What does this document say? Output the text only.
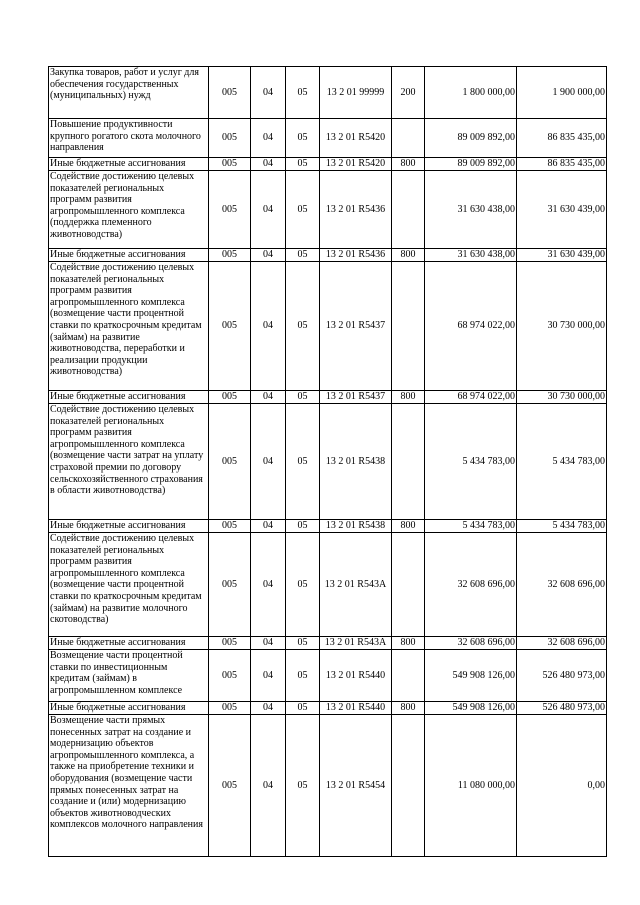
Закупка товаров, работ и услуг для обеспечения государственных (муниципальных) нужд	005	04	05	13 2 01 99999	200	1 800 000,00	1 900 000,00
Повышение продуктивности крупного рогатого скота молочного направления	005	04	05	13 2 01 R5420		89 009 892,00	86 835 435,00
Иные бюджетные ассигнования	005	04	05	13 2 01 R5420	800	89 009 892,00	86 835 435,00
Содействие достижению целевых показателей региональных программ развития агропромышленного комплекса (поддержка племенного животноводства)	005	04	05	13 2 01 R5436		31 630 438,00	31 630 439,00
Иные бюджетные ассигнования	005	04	05	13 2 01 R5436	800	31 630 438,00	31 630 439,00
Содействие достижению целевых показателей региональных программ развития агропромышленного комплекса (возмещение части процентной ставки по краткосрочным кредитам (займам) на развитие животноводства, переработки и реализации продукции животноводства)	005	04	05	13 2 01 R5437		68 974 022,00	30 730 000,00
Иные бюджетные ассигнования	005	04	05	13 2 01 R5437	800	68 974 022,00	30 730 000,00
Содействие достижению целевых показателей региональных программ развития агропромышленного комплекса (возмещение части затрат на уплату страховой премии по договору сельскохозяйственного страхования в области животноводства)	005	04	05	13 2 01 R5438		5 434 783,00	5 434 783,00
Иные бюджетные ассигнования	005	04	05	13 2 01 R5438	800	5 434 783,00	5 434 783,00
Содействие достижению целевых показателей региональных программ развития агропромышленного комплекса (возмещение части процентной ставки по краткосрочным кредитам (займам) на развитие молочного скотоводства)	005	04	05	13 2 01 R543A		32 608 696,00	32 608 696,00
Иные бюджетные ассигнования	005	04	05	13 2 01 R543A	800	32 608 696,00	32 608 696,00
Возмещение части процентной ставки по инвестиционным кредитам (займам) в агропромышленном комплексе	005	04	05	13 2 01 R5440		549 908 126,00	526 480 973,00
Иные бюджетные ассигнования	005	04	05	13 2 01 R5440	800	549 908 126,00	526 480 973,00
Возмещение части прямых понесенных затрат на создание и модернизацию объектов агропромышленного комплекса, а также на приобретение техники и оборудования (возмещение части прямых понесенных затрат на создание и (или) модернизацию объектов животноводческих комплексов молочного направления	005	04	05	13 2 01 R5454		11 080 000,00	0,00
